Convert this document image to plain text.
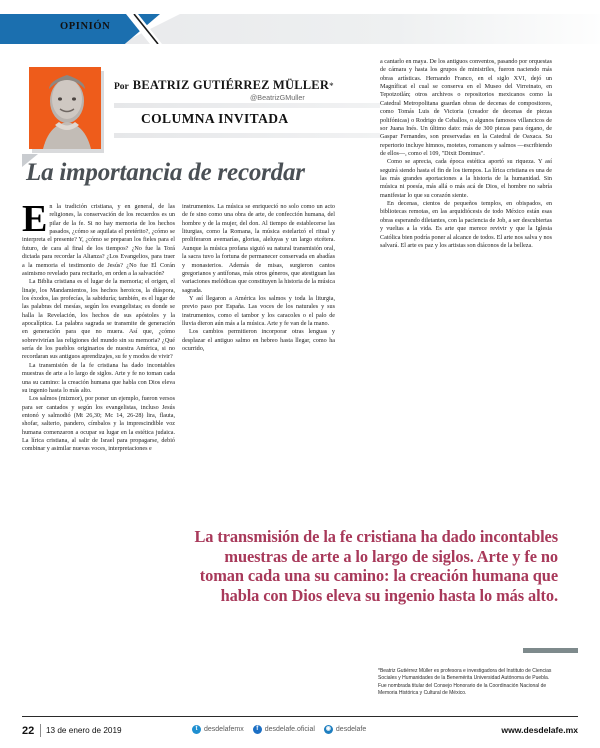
OPINIÓN
Por BEATRIZ GUTIÉRREZ MÜLLER*
@BeatrizGMuller
COLUMNA INVITADA
La importancia de recordar

En la tradición cristiana, y en general, de las religiones, la conservación de los recuerdos es un pilar de la fe. Si no hay memoria de los hechos pasados, ¿cómo se aquilata el pretérito?, ¿cómo se interpreta el presente? Y, ¿cómo se preparan los fieles para el futuro, de cara al final de los tiempos? ¿No fue la Torá dictada para recordar la Alianza? ¿Los Evangelios, para traer a la memoria el testimonio de Jesús? ¿No fue El Corán asimismo revelado para recitarlo, en orden a la salvación?

La Biblia cristiana es el lugar de la memoria; el origen, el linaje, los Mandamientos, los hechos heroicos, la diáspora, los éxodos, las profecías, la sabiduría; también, es el lugar de las palabras del mesías, según los evangelistas; es donde se halla la Revelación, los hechos de sus apóstoles y la apocalíptica. La palabra sagrada se transmite de generación en generación para que no muera. Así que, ¿cómo sobrevivirían las religiones del mundo sin su memoria? ¿Qué sería de los pueblos originarios de nuestra América, si no recordaran sus antiguos aprendizajes, su fe y modos de vivir?

La transmisión de la fe cristiana ha dado incontables muestras de arte a lo largo de siglos. Arte y fe no toman cada una su camino: la creación humana que habla con Dios eleva su ingenio hasta lo más alto.

Los salmos (mizmor), por poner un ejemplo, fueron versos para ser cantados y según los evangelistas, incluso Jesús entonó y salmodió (Mt 26,30; Mc 14, 26-28) lira, flauta, shofar, salterio, pandero, címbalos y la imprescindible voz humana comenzaron a ocupar su lugar en la estética judaica. La lírica cristiana, al salir de Israel para propagarse, debió combinar y asimilar nuevas voces, interpretaciones e

instrumentos. La música se enriqueció no solo como un acto de fe sino como una obra de arte, de confección humana, del hombre y de la mujer, del don. Al tiempo de establecerse las liturgias, como la Romana, la música estelarizó el ritual y proliferaron avemarías, glorias, aleluyas y un largo etcétera. Aunque la música profana siguió su natural transmisión oral, la sacra tuvo la fortuna de permanecer conservada en abadías y monasterios. Además de misas, surgieron cantos gregorianos y antífonas, más otros géneros, que atestiguan las variaciones melódicas que constituyen la historia de la música sagrada.

Y así llegaron a América los salmos y toda la liturgia, previo paso por España. Las voces de los naturales y sus instrumentos, como el tambor y los caracoles o el palo de lluvia dieron aún más a la música. Arte y fe van de la mano.

Los cambios permitieron incorporar otras lenguas y desplazar el antiguo salmo en hebreo hasta llegar, como ha ocurrido,

a cantarlo en maya. De los antiguos conventos, pasando por orquestas de cámara y hasta los grupos de ministriles, fueron naciendo más obras artísticas. Hernando Franco, en el siglo XVI, dejó un Magníficat el cual se conserva en el Museo del Virreinato, en Tepotzotlán; otros archivos o repositorios mexicanos como la Catedral Metropolitana guardan obras de decenas de compositores, como Tomás Luis de Victoria (creador de decenas de piezas polifónicas) o Rodrigo de Ceballos, o algunos famosos villancicos de sor Juana Inés. Un último dato: más de 300 piezas para órgano, de Gaspar Fernandes, son preservadas en la Catedral de Oaxaca. Su repertorio incluye himnos, motetes, romances y salmos —escribiendo de ellos—, como el 109, "Dixit Dominus".

Como se aprecia, cada época estética aportó su riqueza. Y así seguirá siendo hasta el fin de los tiempos. La lírica cristiana es una de las más grandes aportaciones a la historia de la humanidad. Sin música ni poesía, más allá o más acá de Dios, el hombre no sabría manifestar lo que su corazón siente.

En decenas, cientos de pequeños templos, en obispados, en bibliotecas remotas, en las arquidiócesis de todo México están esas obras esperando diletantes, con la paciencia de Job, a ser descubiertas y vueltas a la vida. Es arte que merece revivir y que la Iglesia Católica bien podría poner al alcance de todos. El arte nos salva y nos salvará. El arte es paz y los artistas son diáconos de la belleza.

La transmisión de la fe cristiana ha dado incontables muestras de arte a lo largo de siglos. Arte y fe no toman cada una su camino: la creación humana que habla con Dios eleva su ingenio hasta lo más alto.
*Beatriz Gutiérrez Müller es profesora e investigadora del Instituto de Ciencias Sociales y Humanidades de la Benemérita Universidad Autónoma de Puebla. Fue nombrada titular del Consejo Honorario de la Coordinación Nacional de Memoria Histórica y Cultural de México.
22 13 de enero de 2019	t desdelafemx	f desdelafe.oficial	◉ desdelafe	www.desdelafe.mx
